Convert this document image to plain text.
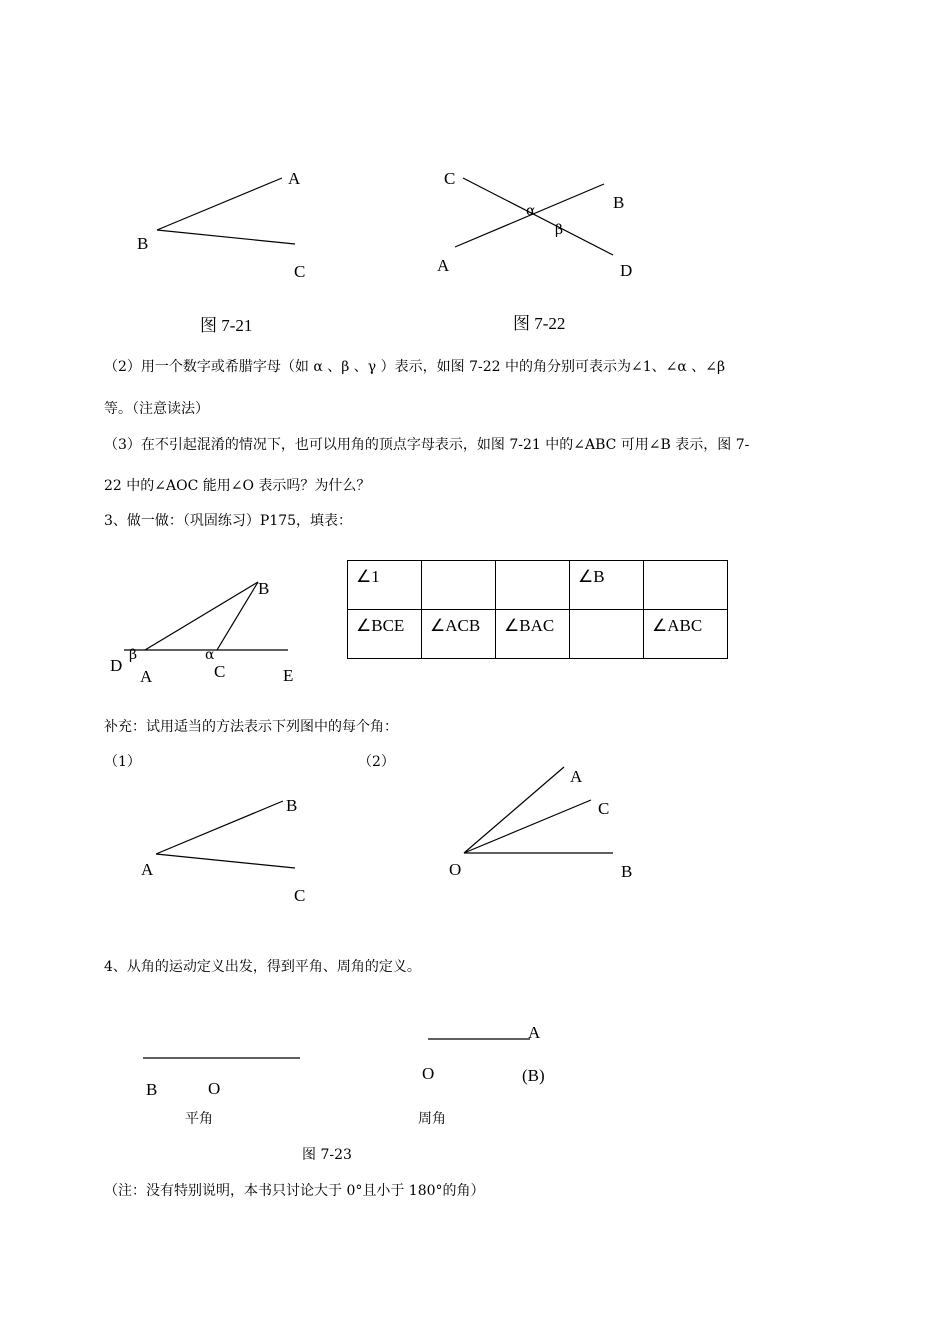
A
B
C
图 7-21
C
B
A	D
α
β
图 7-22
B
D
A	C	E
β	α
B
A
C
A
C
O	B
B	O
平角
A
O	(B)
周角
图 7-23
（2）用一个数字或希腊字母（如 α 、β 、γ ）表示，如图 7-22 中的角分别可表示为∠1、∠α 、∠β
等。（注意读法）
（3）在不引起混淆的情况下，也可以用角的顶点字母表示，如图 7-21 中的∠ABC 可用∠B 表示，图 7-
22 中的∠AOC 能用∠O 表示吗？为什么？
3、做一做：（巩固练习）P175，填表：
∠1			∠B	
∠BCE	∠ACB	∠BAC		∠ABC
补充：试用适当的方法表示下列图中的每个角：
（1）	（2）
4、从角的运动定义出发，得到平角、周角的定义。
（注：没有特别说明，本书只讨论大于 0°且小于 180°的角）
